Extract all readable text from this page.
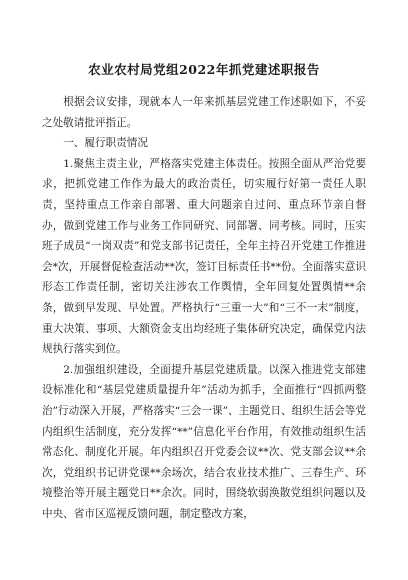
农业农村局党组2022年抓党建述职报告

根据会议安排，现就本人一年来抓基层党建工作述职如下，不妥之处敬请批评指正。

一、履行职责情况

1.聚焦主责主业，严格落实党建主体责任。按照全面从严治党要求，把抓党建工作作为最大的政治责任，切实履行好第一责任人职责，坚持重点工作亲自部署、重大问题亲自过问、重点环节亲自督办，做到党建工作与业务工作同研究、同部署、同考核。同时，压实班子成员“一岗双责”和党支部书记责任，全年主持召开党建工作推进会*次，开展督促检查活动**次，签订目标责任书**份。全面落实意识形态工作责任制，密切关注涉农工作舆情，全年回复处置舆情**余条，做到早发现、早处置。严格执行“三重一大”和“三不一末”制度，重大决策、事项、大额资金支出均经班子集体研究决定，确保党内法规执行落实到位。

2.加强组织建设，全面提升基层党建质量。以深入推进党支部建设标准化和“基层党建质量提升年”活动为抓手，全面推行“四抓两整治”行动深入开展，严格落实“三会一课”、主题党日、组织生活会等党内组织生活制度，充分发挥“**”信息化平台作用，有效推动组织生活常态化、制度化开展。年内组织召开党委会议**次、党支部会议**余次，党组织书记讲党课**余场次，结合农业技术推广、三春生产、环境整治等开展主题党日**余次。同时，围绕软弱涣散党组织问题以及中央、省市区巡视反馈问题，制定整改方案，
